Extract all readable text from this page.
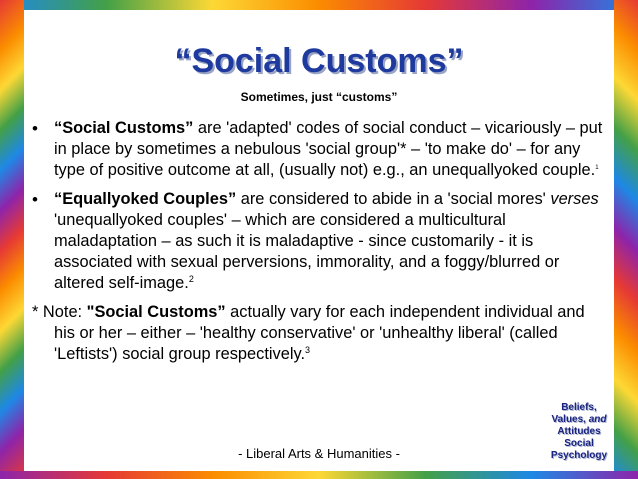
“Social Customs”
Sometimes, just “customs”
• “Social Customs” are 'adapted' codes of social conduct – vicariously – put in place by sometimes a nebulous 'social group'* – 'to make do' – for any type of positive outcome at all, (usually not) e.g., an unequallyoked couple.$^1$
• “Equallyoked Couples” are considered to abide in a 'social mores' verses 'unequallyoked couples' – which are considered a multicultural maladaptation – as such it is maladaptive - since customarily - it is associated with sexual perversions, immorality, and a foggy/blurred or altered self-image.$^2$
* Note: "Social Customs” actually vary for each independent individual and his or her – either – 'healthy conservative' or 'unhealthy liberal' (called 'Leftists') social group respectively.$^3$
Beliefs,
Values, and
Attitudes
Social
Psychology
- Liberal Arts & Humanities -
